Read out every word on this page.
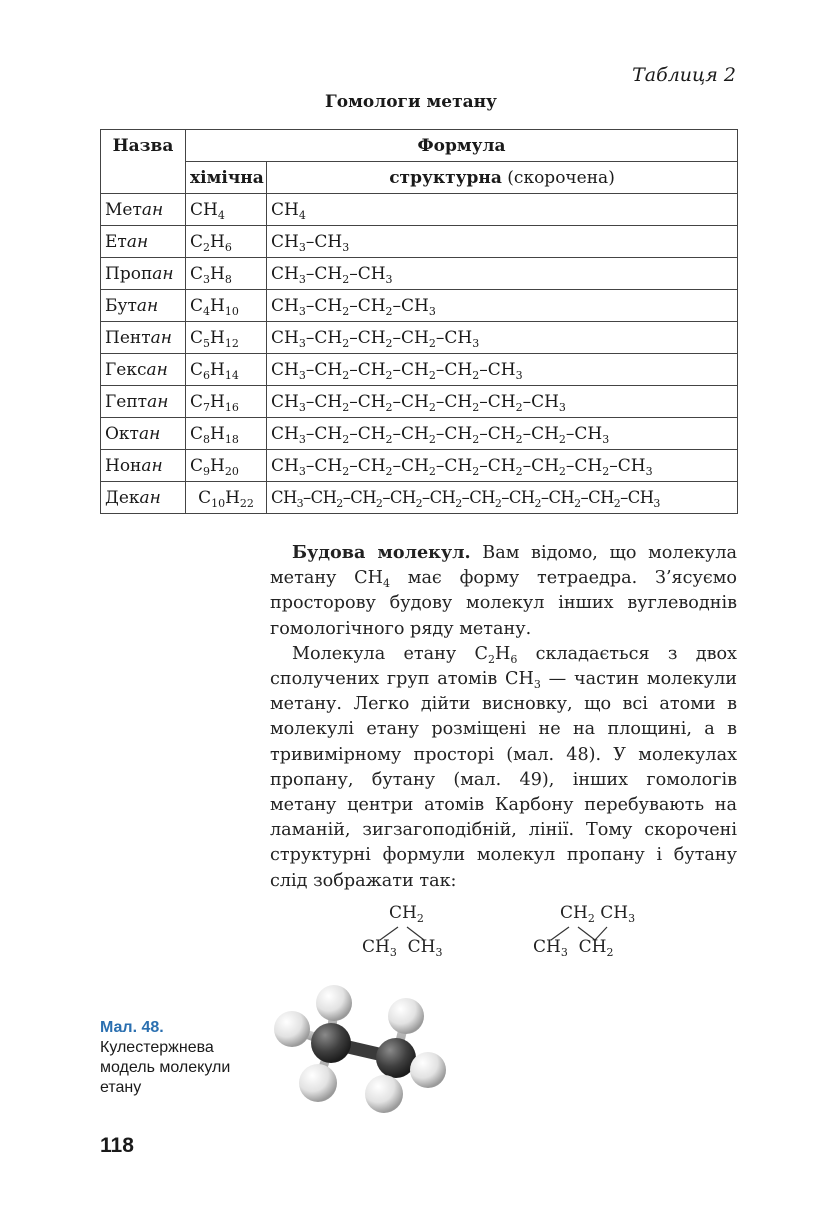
Таблиця 2
Гомологи метану
Назва	Формула	
	хімічна	структурна (скорочена)
Метан	$CH_4$	$CH_4$
Етан	$C_2H_6$	$CH_3-CH_3$
Пропан	$C_3H_8$	$CH_3-CH_2-CH_3$
Бутан	$C_4H_{10}$	$CH_3-CH_2-CH_2-CH_3$
Пентан	$C_5H_{12}$	$CH_3-CH_2-CH_2-CH_2-CH_3$
Гексан	$C_6H_{14}$	$CH_3-CH_2-CH_2-CH_2-CH_2-CH_3$
Гептан	$C_7H_{16}$	$CH_3-CH_2-CH_2-CH_2-CH_2-CH_2-CH_3$
Октан	$C_8H_{18}$	$CH_3-CH_2-CH_2-CH_2-CH_2-CH_2-CH_2-CH_3$
Нонан	$C_9H_{20}$	$CH_3-CH_2-CH_2-CH_2-CH_2-CH_2-CH_2-CH_2-CH_3$
Декан	$C_{10}H_{22}$	$CH_3-CH_2-CH_2-CH_2-CH_2-CH_2-CH_2-CH_2-CH_2-CH_3$

Будова молекул. Вам відомо, що молекула метану $CH_4$ має форму тетраедра. З’ясуємо просторову будову молекул інших вуглеводнів гомологічного ряду метану.

Молекула етану $C_2H_6$ складається з двох сполучених груп атомів $CH_3$ — частин молекули метану. Легко дійти висновку, що всі атоми в молекулі етану розміщені не на площині, а в тривимірному просторі (мал. 48). У молекулах пропану, бутану (мал. 49), інших гомологів метану центри атомів Карбону перебувають на ламаній, зигзагоподібній, лінії. Тому скорочені структурні формули молекул пропану і бутану слід зображати так:

$CH_2$
$CH_3$  $CH_3$
$CH_2$ $CH_3$
$CH_3$  $CH_2$
Мал. 48.
Кулестержнева модель молекули етану
118
